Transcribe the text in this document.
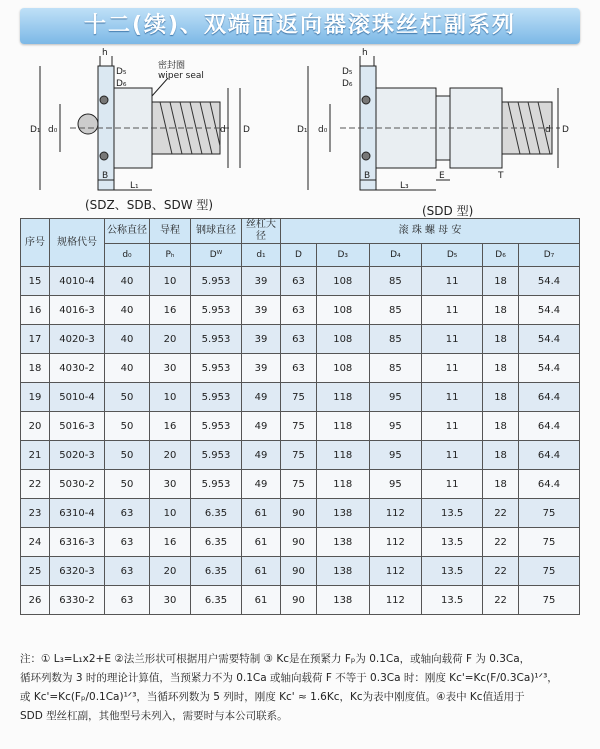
十二(续)、双端面返向器滚珠丝杠副系列
h
D₅
D₆
D₁ d₀	d D
B
L₁
密封圈
wiper seal
h
D₅
D₆
D₁ d₀	d D
B	E	T
L₃
(SDZ、SDB、SDW 型)	(SDD 型)
序号	规格代号	公称直径	导程	钢球直径	丝杠大径	滚 珠 螺 母 安					
		d₀	Pₕ	Dᵂ	d₁	D	D₃	D₄	D₅	D₆	D₇
15	4010-4	40	10	5.953	39	63	108	85	11	18	54.4
16	4016-3	40	16	5.953	39	63	108	85	11	18	54.4
17	4020-3	40	20	5.953	39	63	108	85	11	18	54.4
18	4030-2	40	30	5.953	39	63	108	85	11	18	54.4
19	5010-4	50	10	5.953	49	75	118	95	11	18	64.4
20	5016-3	50	16	5.953	49	75	118	95	11	18	64.4
21	5020-3	50	20	5.953	49	75	118	95	11	18	64.4
22	5030-2	50	30	5.953	49	75	118	95	11	18	64.4
23	6310-4	63	10	6.35	61	90	138	112	13.5	22	75
24	6316-3	63	16	6.35	61	90	138	112	13.5	22	75
25	6320-3	63	20	6.35	61	90	138	112	13.5	22	75
26	6330-2	63	30	6.35	61	90	138	112	13.5	22	75

注：① L₃=L₁x2+E ②法兰形状可根据用户需要特制 ③ Kᴄ是在预紧力 Fₚ为 0.1Ca，或轴向载荷 F 为 0.3Ca，

循环列数为 3 时的理论计算值，当预紧力不为 0.1Ca 或轴向载荷 F 不等于 0.3Ca 时：刚度 Kᴄ'=Kᴄ(F/0.3Ca)¹ᐟ³，

或 Kᴄ'=Kᴄ(Fₚ/0.1Ca)¹ᐟ³，当循环列数为 5 列时，刚度 Kᴄ' ≈ 1.6Kᴄ，Kᴄ为表中刚度值。④表中 Kᴄ值适用于

SDD 型丝杠副，其他型号未列入，需要时与本公司联系。
